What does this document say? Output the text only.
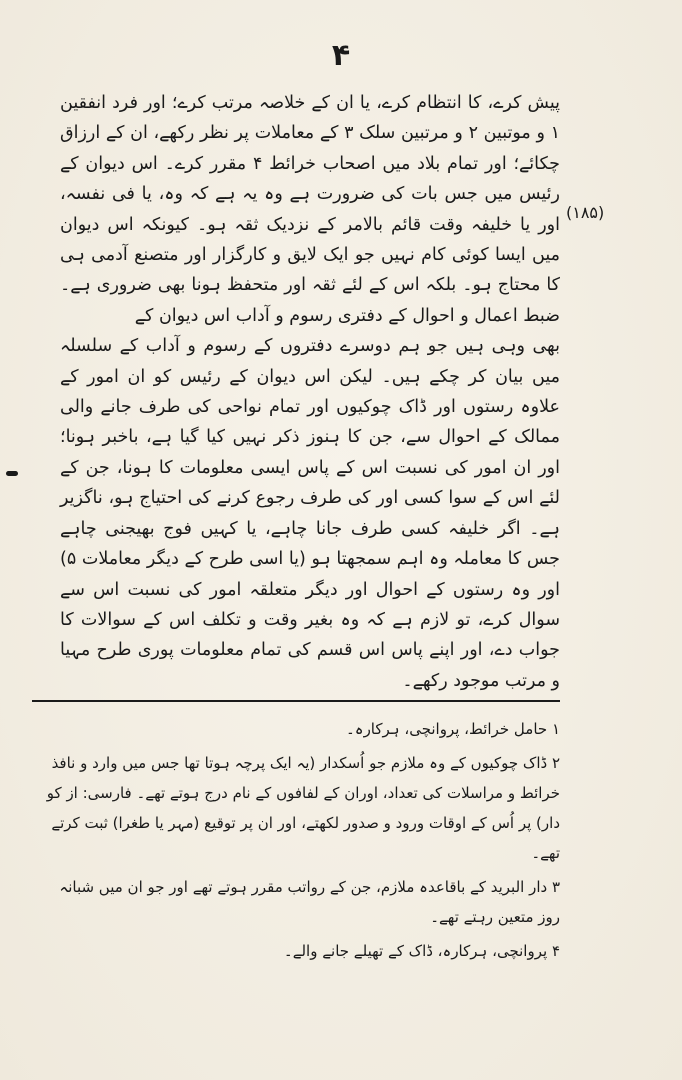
۴

پیش کرے، کا انتظام کرے، یا ان کے خلاصہ مرتب کرے؛ اور فرد انفقین ۱ و موتبین ۲ و مرتبین سلک ۳ کے معاملات پر نظر رکھے، ان کے ارزاق چکائے؛ اور تمام بلاد میں اصحاب خرائط ۴ مقرر کرے۔ اس دیوان کے رئیس میں جس بات کی ضرورت ہے وہ یہ ہے کہ وہ، یا فی نفسہ، اور یا خلیفہ وقت قائم بالامر کے نزدیک ثقہ ہو۔ کیونکہ اس دیوان میں ایسا کوئی کام نہیں جو ایک لایق و کارگزار اور متصنع آدمی ہی کا محتاج ہو۔ بلکہ اس کے لئے ثقہ اور متحفظ ہونا بھی ضروری ہے۔ ضبط اعمال و احوال کے دفتری رسوم و آداب اس دیوان کے

بھی وہی ہیں جو ہم دوسرے دفتروں کے رسوم و آداب کے سلسلہ میں بیان کر چکے ہیں۔ لیکن اس دیوان کے رئیس کو ان امور کے علاوہ رستوں اور ڈاک چوکیوں اور تمام نواحی کی طرف جانے والی ممالک کے احوال سے، جن کا ہنوز ذکر نہیں کیا گیا ہے، باخبر ہونا؛ اور ان امور کی نسبت اس کے پاس ایسی معلومات کا ہونا، جن کے لئے اس کے سوا کسی اور کی طرف رجوع کرنے کی احتیاج ہو، ناگزیر ہے۔ اگر خلیفہ کسی طرف جانا چاہے، یا کہیں فوج بھیجنی چاہے جس کا معاملہ وہ اہم سمجھتا ہو (یا اسی طرح کے دیگر معاملات ۵) اور وہ رستوں کے احوال اور دیگر متعلقہ امور کی نسبت اس سے سوال کرے، تو لازم ہے کہ وہ بغیر وقت و تکلف اس کے سوالات کا جواب دے، اور اپنے پاس اس قسم کی تمام معلومات پوری طرح مہیا و مرتب موجود رکھے۔

(۱۸۵)

۱ حامل خرائط، پروانچی، ہرکارہ۔

۲ ڈاک چوکیوں کے وہ ملازم جو اُسکدار (یہ ایک پرچہ ہوتا تھا جس میں وارد و نافذ خرائط و مراسلات کی تعداد، اوران کے لفافوں کے نام درج ہوتے تھے۔ فارسی: از کو دار) پر اُس کے اوقات ورود و صدور لکھتے، اور ان پر توقیع (مہر یا طغرا) ثبت کرتے تھے۔

۳ دار البرید کے باقاعدہ ملازم، جن کے رواتب مقرر ہوتے تھے اور جو ان میں شبانہ روز متعین رہتے تھے۔

۴ پروانچی، ہرکارہ، ڈاک کے تھیلے جانے والے۔
